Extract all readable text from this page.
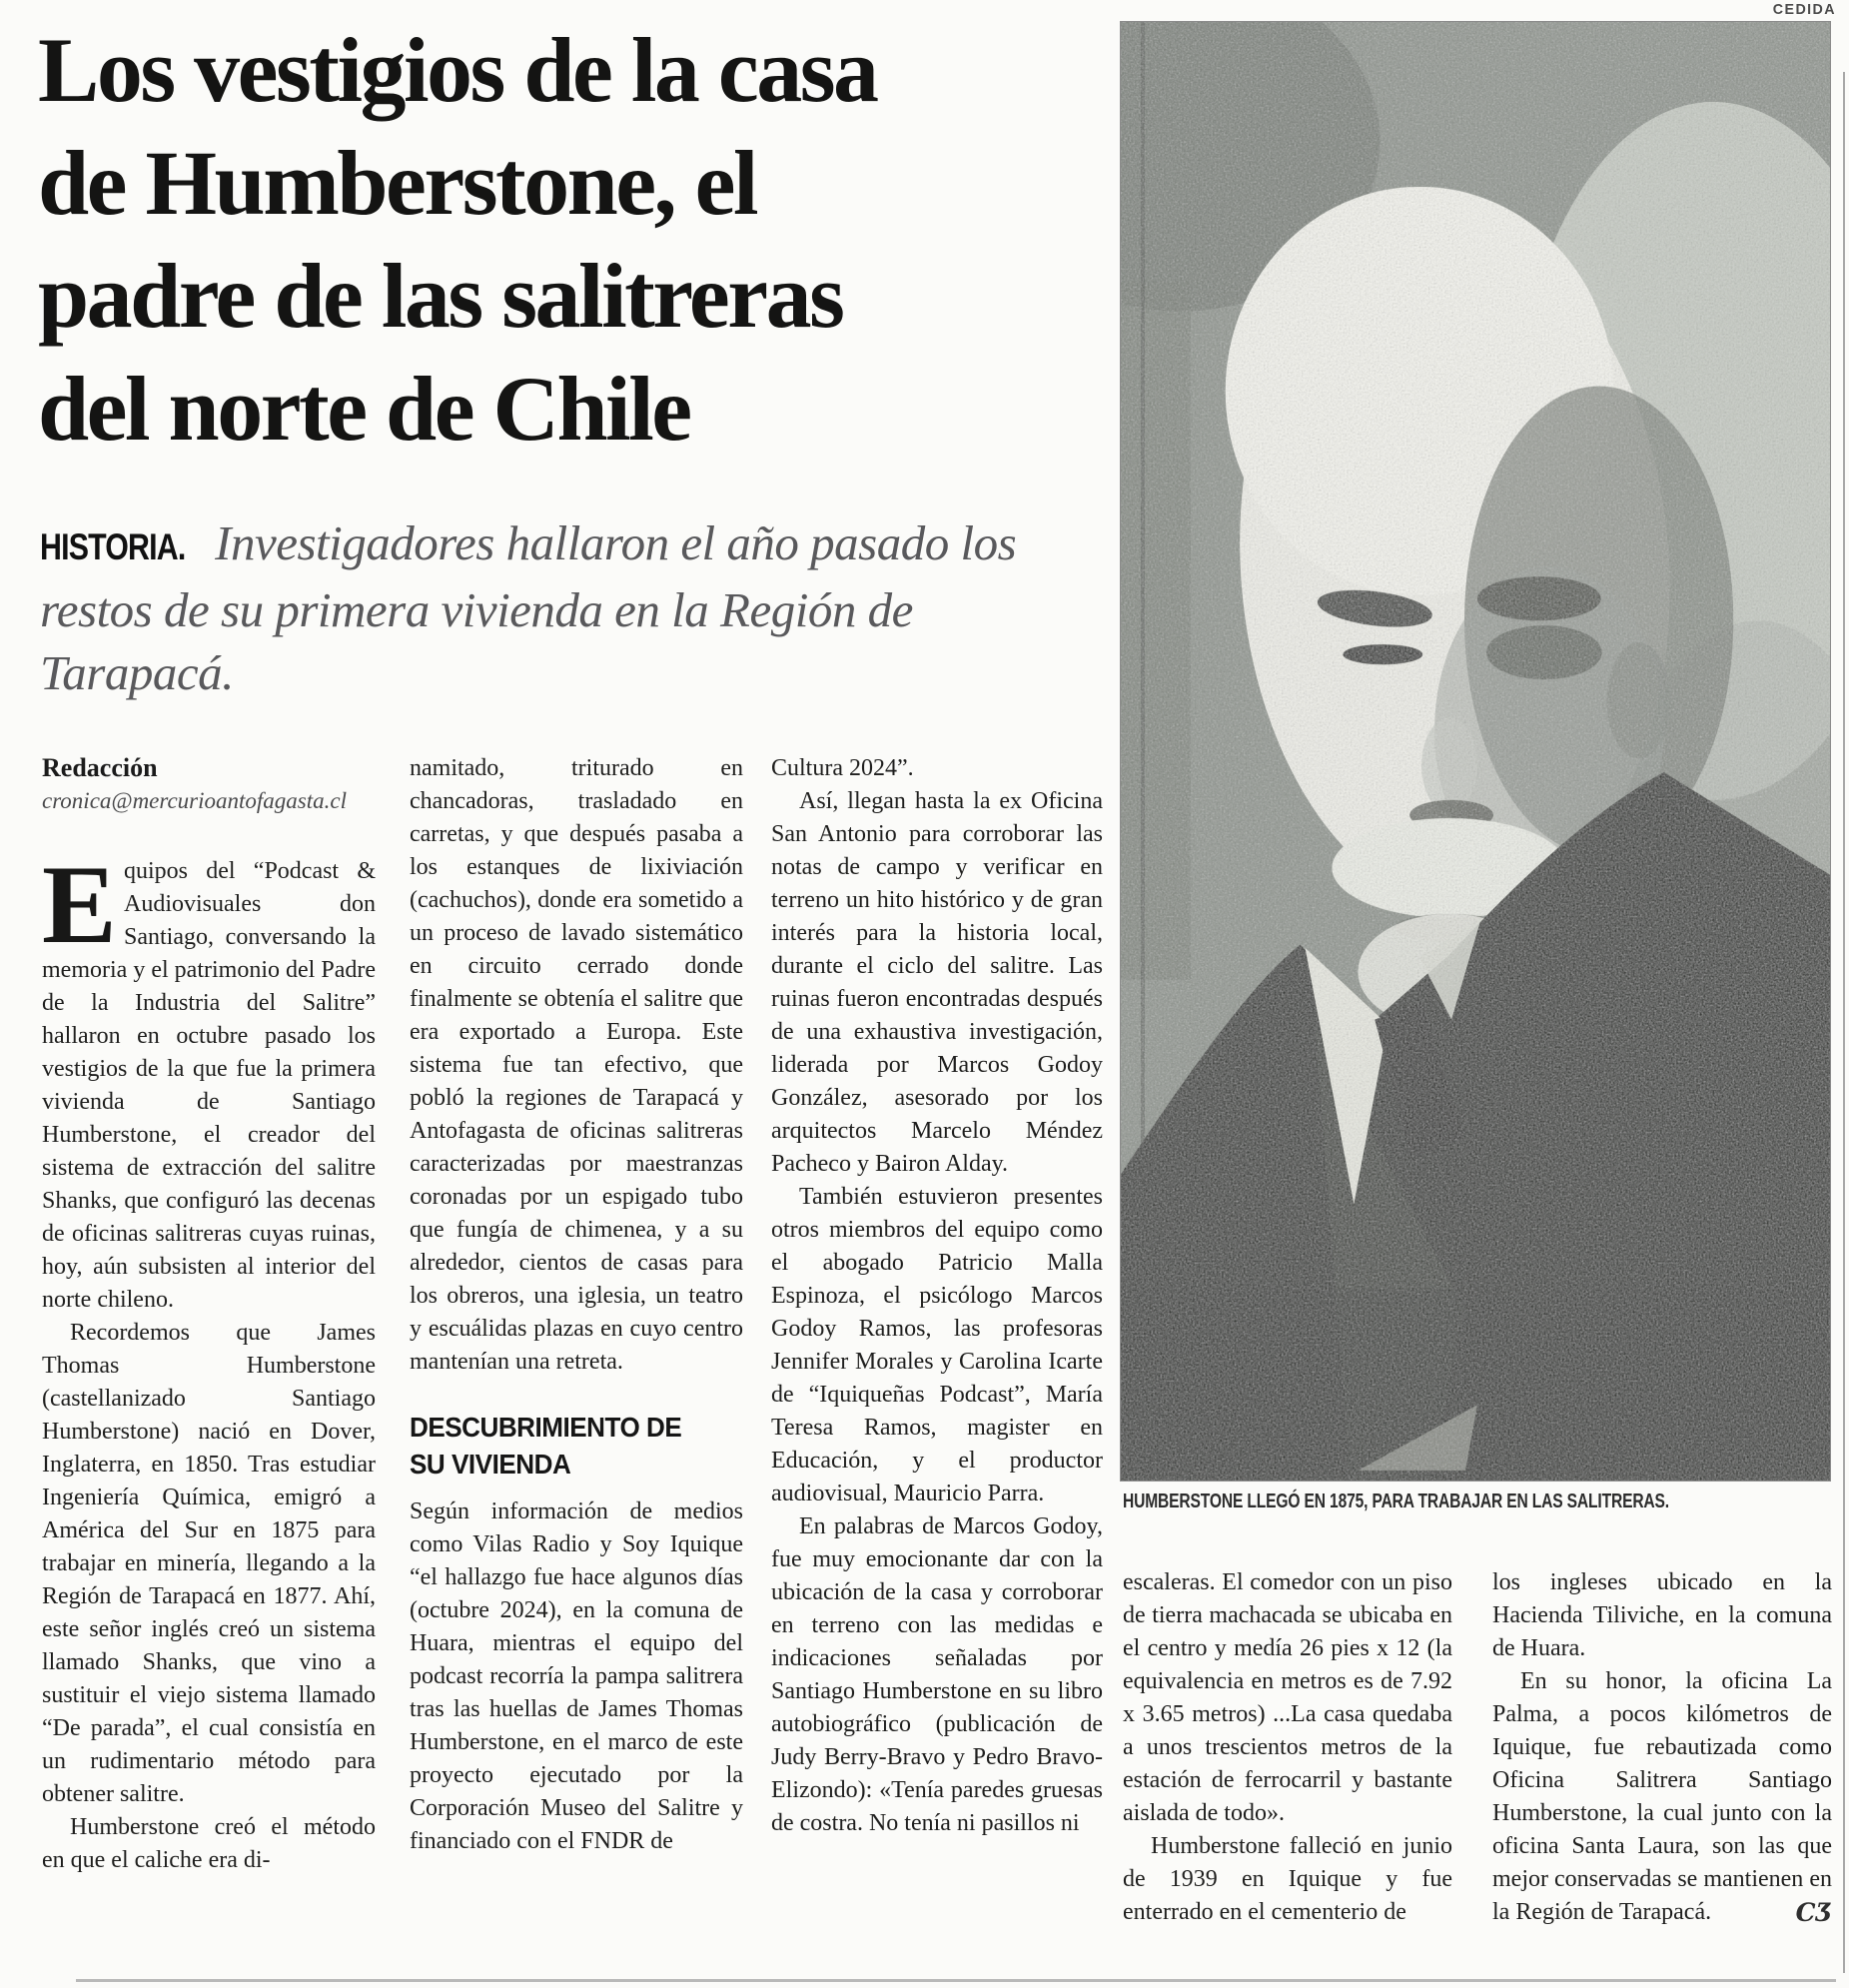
CEDIDA
Los vestigios de la casa
de Humberstone, el
padre de las salitreras
del norte de Chile
HISTORIA. Investigadores hallaron el año pasado los restos de su primera vivienda en la Región de Tarapacá.
Redacción
cronica@mercurioantofagasta.cl

Equipos del “Podcast & Audiovisuales don Santiago, conversando la memoria y el patrimonio del Padre de la Industria del Salitre” hallaron en octubre pasado los vestigios de la que fue la primera vivienda de Santiago Humberstone, el creador del sistema de extracción del salitre Shanks, que configuró las decenas de oficinas salitreras cuyas ruinas, hoy, aún subsisten al interior del norte chileno.

Recordemos que James Thomas Humberstone (castellanizado Santiago Humberstone) nació en Dover, Inglaterra, en 1850. Tras estudiar Ingeniería Química, emigró a América del Sur en 1875 para trabajar en minería, llegando a la Región de Tarapacá en 1877. Ahí, este señor inglés creó un sistema llamado Shanks, que vino a sustituir el viejo sistema llamado “De parada”, el cual consistía en un rudimentario método para obtener salitre.

Humberstone creó el método en que el caliche era di-

namitado, triturado en chancadoras, trasladado en carretas, y que después pasaba a los estanques de lixiviación (cachuchos), donde era sometido a un proceso de lavado sistemático en circuito cerrado donde finalmente se obtenía el salitre que era exportado a Europa. Este sistema fue tan efectivo, que pobló la regiones de Tarapacá y Antofagasta de oficinas salitreras caracterizadas por maestranzas coronadas por un espigado tubo que fungía de chimenea, y a su alrededor, cientos de casas para los obreros, una iglesia, un teatro y escuálidas plazas en cuyo centro mantenían una retreta.

DESCUBRIMIENTO DE SU VIVIENDA

Según información de medios como Vilas Radio y Soy Iquique “el hallazgo fue hace algunos días (octubre 2024), en la comuna de Huara, mientras el equipo del podcast recorría la pampa salitrera tras las huellas de James Thomas Humberstone, en el marco de este proyecto ejecutado por la Corporación Museo del Salitre y financiado con el FNDR de

Cultura 2024”.

Así, llegan hasta la ex Oficina San Antonio para corroborar las notas de campo y verificar en terreno un hito histórico y de gran interés para la historia local, durante el ciclo del salitre. Las ruinas fueron encontradas después de una exhaustiva investigación, liderada por Marcos Godoy González, asesorado por los arquitectos Marcelo Méndez Pacheco y Bairon Alday.

También estuvieron presentes otros miembros del equipo como el abogado Patricio Malla Espinoza, el psicólogo Marcos Godoy Ramos, las profesoras Jennifer Morales y Carolina Icarte de “Iquiqueñas Podcast”, María Teresa Ramos, magister en Educación, y el productor audiovisual, Mauricio Parra.

En palabras de Marcos Godoy, fue muy emocionante dar con la ubicación de la casa y corroborar en terreno con las medidas e indicaciones señaladas por Santiago Humberstone en su libro autobiográfico (publicación de Judy Berry-Bravo y Pedro Bravo-Elizondo): «Tenía paredes gruesas de costra. No tenía ni pasillos ni

HUMBERSTONE LLEGÓ EN 1875, PARA TRABAJAR EN LAS SALITRERAS.

escaleras. El comedor con un piso de tierra machacada se ubicaba en el centro y medía 26 pies x 12 (la equivalencia en metros es de 7.92 x 3.65 metros) ...La casa quedaba a unos trescientos metros de la estación de ferrocarril y bastante aislada de todo».

Humberstone falleció en junio de 1939 en Iquique y fue enterrado en el cementerio de

los ingleses ubicado en la Hacienda Tiliviche, en la comuna de Huara.

En su honor, la oficina La Palma, a pocos kilómetros de Iquique, fue rebautizada como Oficina Salitrera Santiago Humberstone, la cual junto con la oficina Santa Laura, son las que mejor conservadas se mantienen en la Región de Tarapacá.	CƷ
